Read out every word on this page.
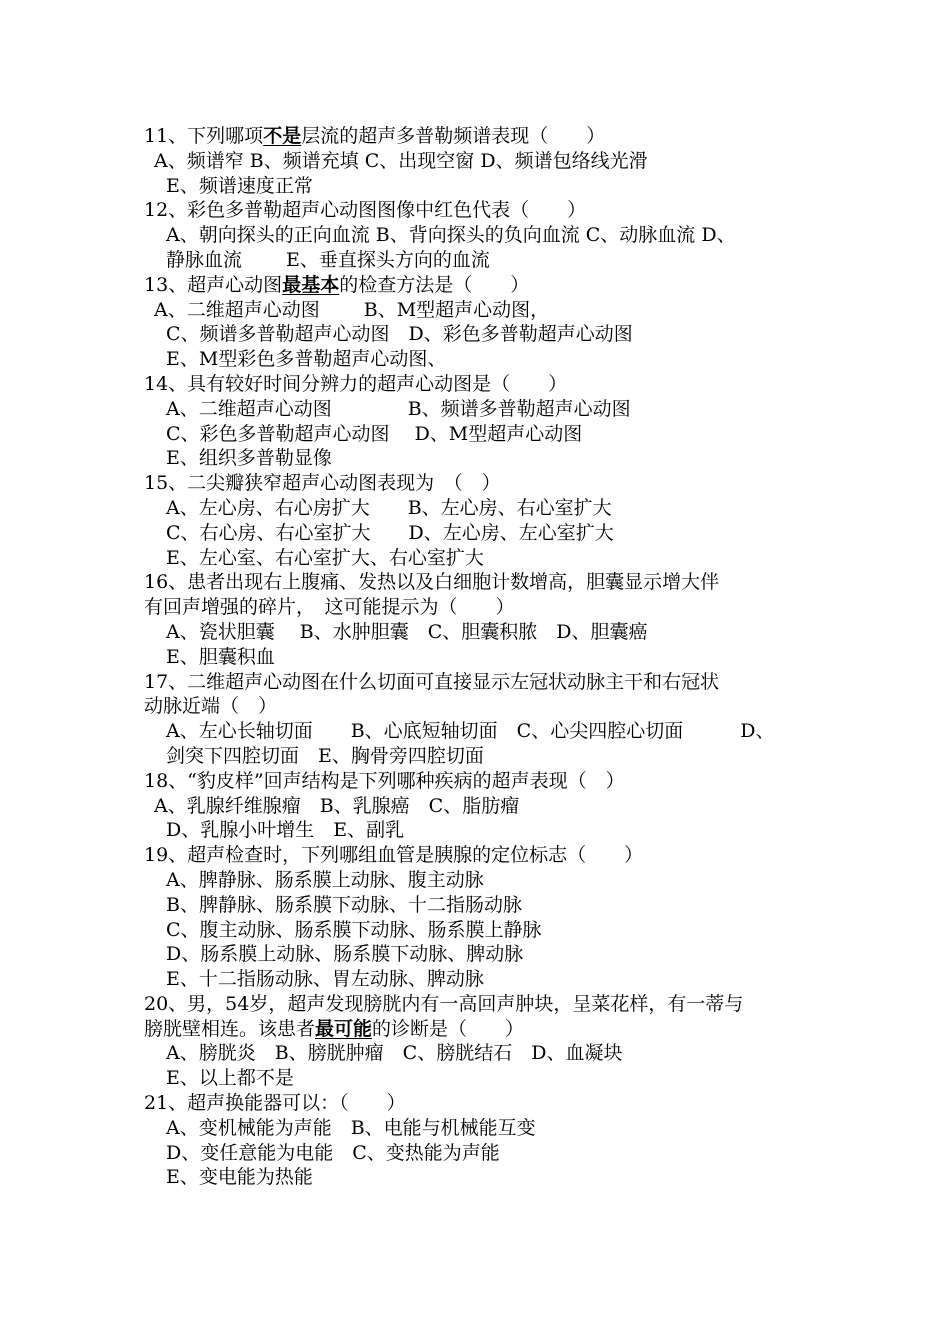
11、下列哪项不是层流的超声多普勒频谱表现（　　）
A、频谱窄 B、频谱充填 C、出现空窗 D、频谱包络线光滑
E、频谱速度正常
12、彩色多普勒超声心动图图像中红色代表（　　）
A、朝向探头的正向血流 B、背向探头的负向血流 C、动脉血流 D、
静脉血流　　 E、垂直探头方向的血流
13、超声心动图最基本的检查方法是（　　）
A、二维超声心动图　　 B、M型超声心动图，
C、频谱多普勒超声心动图　D、彩色多普勒超声心动图
E、M型彩色多普勒超声心动图、
14、具有较好时间分辨力的超声心动图是（　　）
A、二维超声心动图　　　　B、频谱多普勒超声心动图
C、彩色多普勒超声心动图　 D、M型超声心动图
E、组织多普勒显像
15、二尖瓣狭窄超声心动图表现为　（　）
A、左心房、右心房扩大　　B、左心房、右心室扩大
C、右心房、右心室扩大　　D、左心房、左心室扩大
E、左心室、右心室扩大、右心室扩大
16、患者出现右上腹痛、发热以及白细胞计数增高，胆囊显示增大伴
有回声增强的碎片，　这可能提示为（　　）
A、瓷状胆囊　 B、水肿胆囊　C、胆囊积脓　D、胆囊癌
E、胆囊积血
17、二维超声心动图在什么切面可直接显示左冠状动脉主干和右冠状
动脉近端（　）
A、左心长轴切面　　B、心底短轴切面　C、心尖四腔心切面　　　D、
剑突下四腔切面　E、胸骨旁四腔切面
18、“豹皮样”回声结构是下列哪种疾病的超声表现（　）
A、乳腺纤维腺瘤　B、乳腺癌　C、脂肪瘤
D、乳腺小叶增生　E、副乳
19、超声检查时，下列哪组血管是胰腺的定位标志（　　）
A、脾静脉、肠系膜上动脉、腹主动脉
B、脾静脉、肠系膜下动脉、十二指肠动脉
C、腹主动脉、肠系膜下动脉、肠系膜上静脉
D、肠系膜上动脉、肠系膜下动脉、脾动脉
E、十二指肠动脉、胃左动脉、脾动脉
20、男，54岁，超声发现膀胱内有一高回声肿块，呈菜花样，有一蒂与
膀胱壁相连。该患者最可能的诊断是（　　）
A、膀胱炎　B、膀胱肿瘤　C、膀胱结石　D、血凝块
E、以上都不是
21、超声换能器可以：（　　）
A、变机械能为声能　B、电能与机械能互变
D、变任意能为电能　C、变热能为声能
E、变电能为热能
